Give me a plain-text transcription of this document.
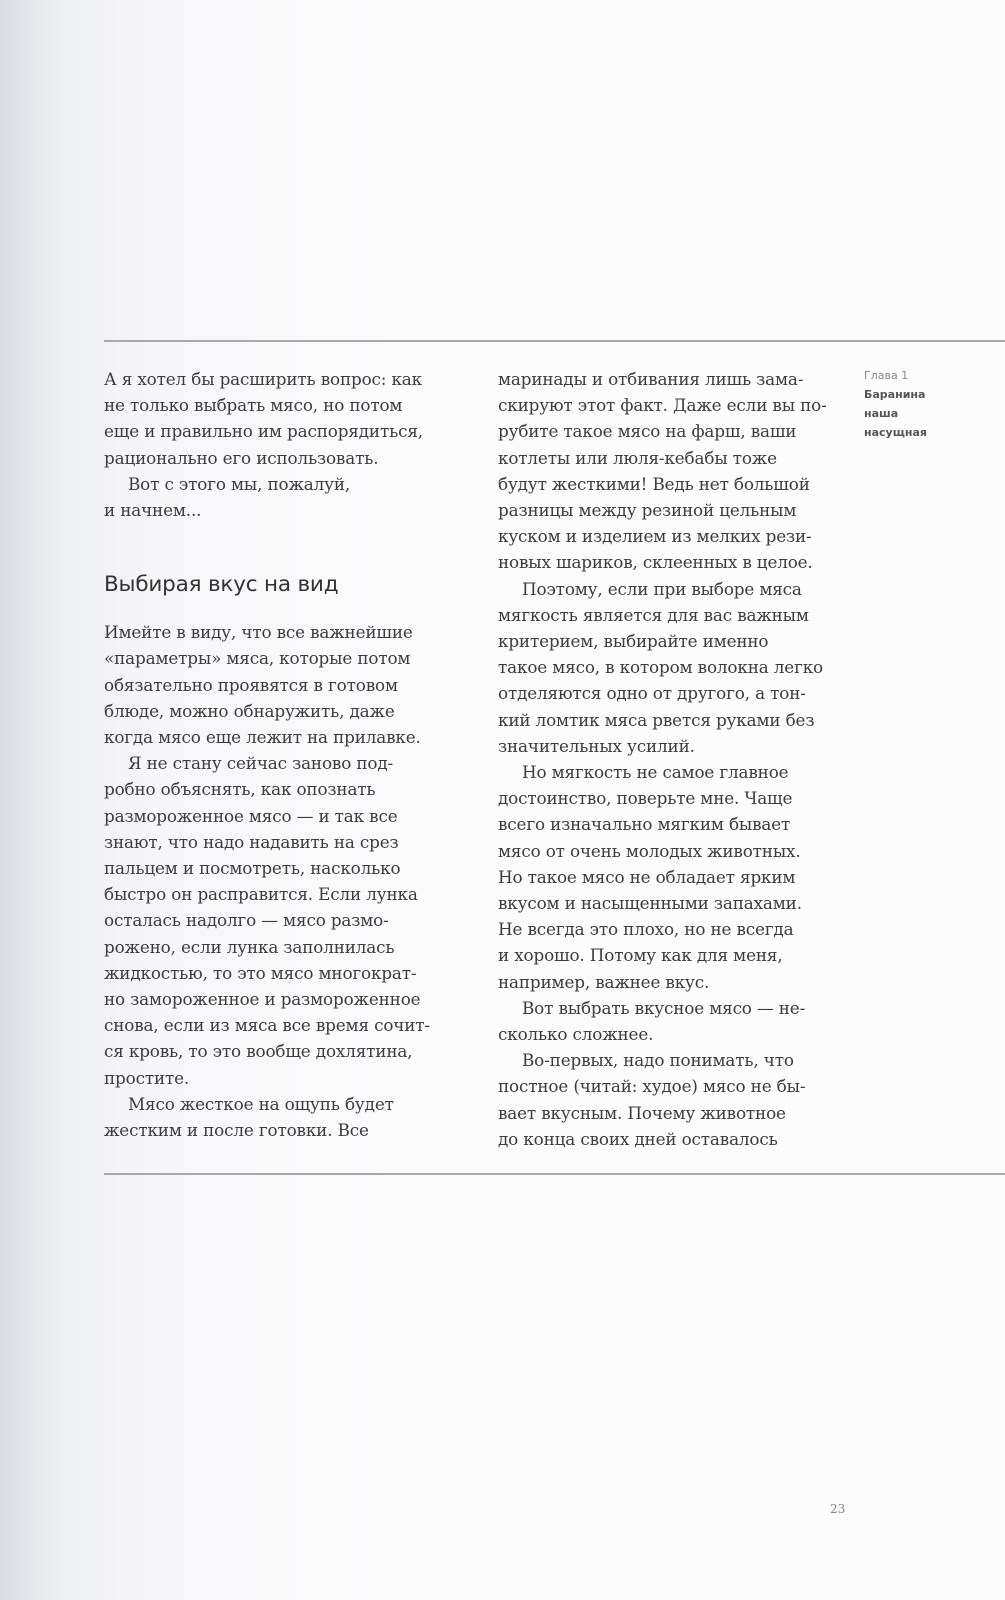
А я хотел бы расширить вопрос: как
не только выбрать мясо, но потом
еще и правильно им распорядиться,
рационально его использовать.

Вот с этого мы, пожалуй,
и начнем...

Выбирая вкус на вид

Имейте в виду, что все важнейшие
«параметры» мяса, которые потом
обязательно проявятся в готовом
блюде, можно обнаружить, даже
когда мясо еще лежит на прилавке.

Я не стану сейчас заново под-
робно объяснять, как опознать
размороженное мясо — и так все
знают, что надо надавить на срез
пальцем и посмотреть, насколько
быстро он расправится. Если лунка
осталась надолго — мясо размо-
рожено, если лунка заполнилась
жидкостью, то это мясо многократ-
но замороженное и размороженное
снова, если из мяса все время сочит-
ся кровь, то это вообще дохлятина,
простите.

Мясо жесткое на ощупь будет
жестким и после готовки. Все

маринады и отбивания лишь зама-
скируют этот факт. Даже если вы по-
рубите такое мясо на фарш, ваши
котлеты или люля-кебабы тоже
будут жесткими! Ведь нет большой
разницы между резиной цельным
куском и изделием из мелких рези-
новых шариков, склеенных в целое.

Поэтому, если при выборе мяса
мягкость является для вас важным
критерием, выбирайте именно
такое мясо, в котором волокна легко
отделяются одно от другого, а тон-
кий ломтик мяса рвется руками без
значительных усилий.

Но мягкость не самое главное
достоинство, поверьте мне. Чаще
всего изначально мягким бывает
мясо от очень молодых животных.
Но такое мясо не обладает ярким
вкусом и насыщенными запахами.
Не всегда это плохо, но не всегда
и хорошо. Потому как для меня,
например, важнее вкус.

Вот выбрать вкусное мясо — не-
сколько сложнее.

Во-первых, надо понимать, что
постное (читай: худое) мясо не бы-
вает вкусным. Почему животное
до конца своих дней оставалось

Глава 1
Баранина
наша
насущная
23
